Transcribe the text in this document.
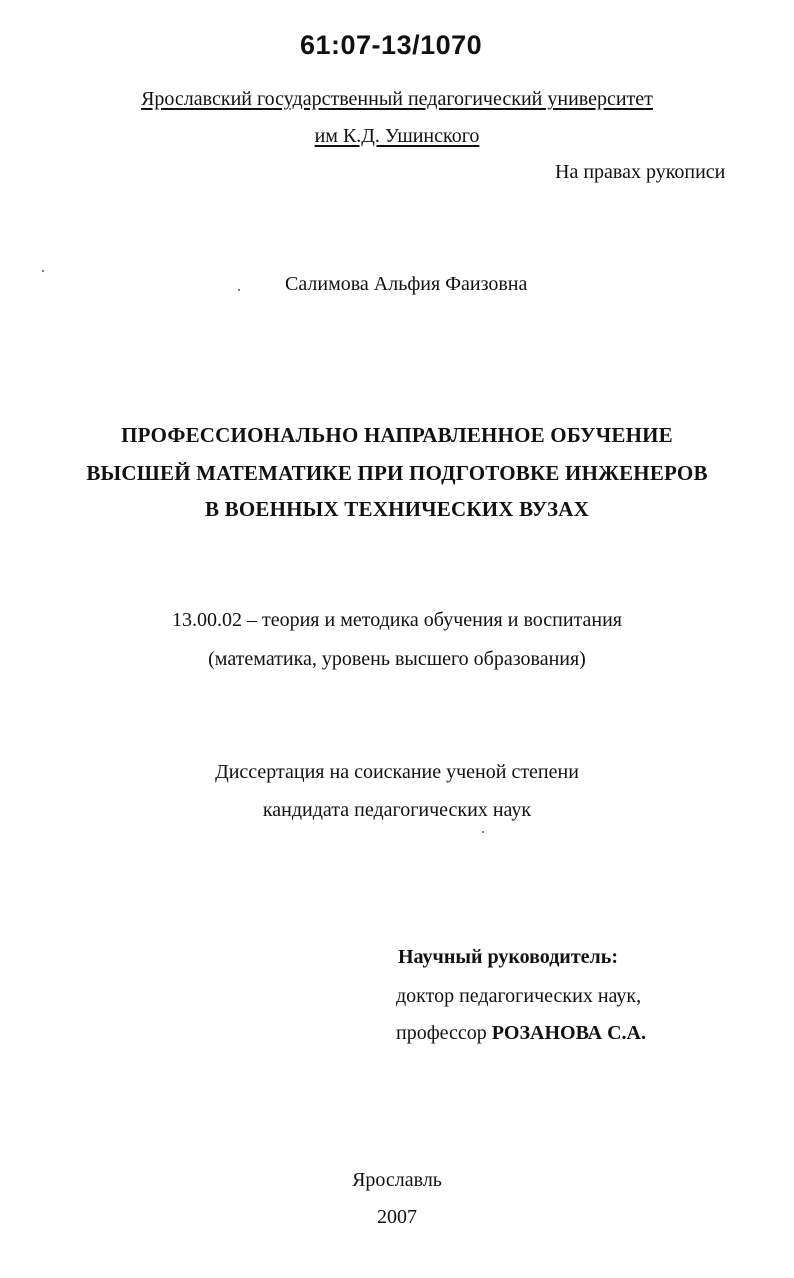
61:07-13/1070
Ярославский государственный педагогический университет
им К.Д. Ушинского
На правах рукописи
Салимова Альфия Фаизовна
ПРОФЕССИОНАЛЬНО НАПРАВЛЕННОЕ ОБУЧЕНИЕ
ВЫСШЕЙ МАТЕМАТИКЕ ПРИ ПОДГОТОВКЕ ИНЖЕНЕРОВ
В ВОЕННЫХ ТЕХНИЧЕСКИХ ВУЗАХ
13.00.02 – теория и методика обучения и воспитания
(математика, уровень высшего образования)
Диссертация на соискание ученой степени
кандидата педагогических наук
Научный руководитель:
доктор педагогических наук,
профессор РОЗАНОВА С.А.
Ярославль
2007
